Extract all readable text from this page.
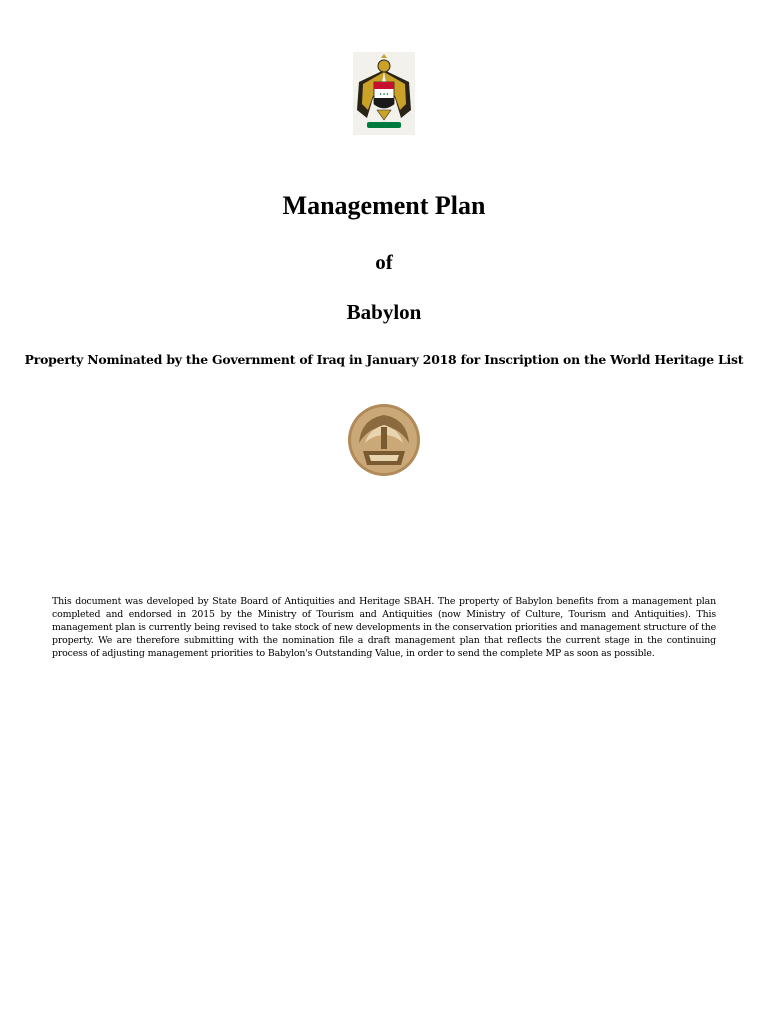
✦✦✦
Management Plan
of
Babylon
Property Nominated by the Government of Iraq in January 2018 for Inscription on the World Heritage List
This document was developed by State Board of Antiquities and Heritage SBAH. The property of Babylon benefits from a management plan completed and endorsed in 2015 by the Ministry of Tourism and Antiquities (now Ministry of Culture, Tourism and Antiquities). This management plan is currently being revised to take stock of new developments in the conservation priorities and management structure of the property. We are therefore submitting with the nomination file a draft management plan that reflects the current stage in the continuing process of adjusting management priorities to Babylon's Outstanding Value, in order to send the complete MP as soon as possible.
